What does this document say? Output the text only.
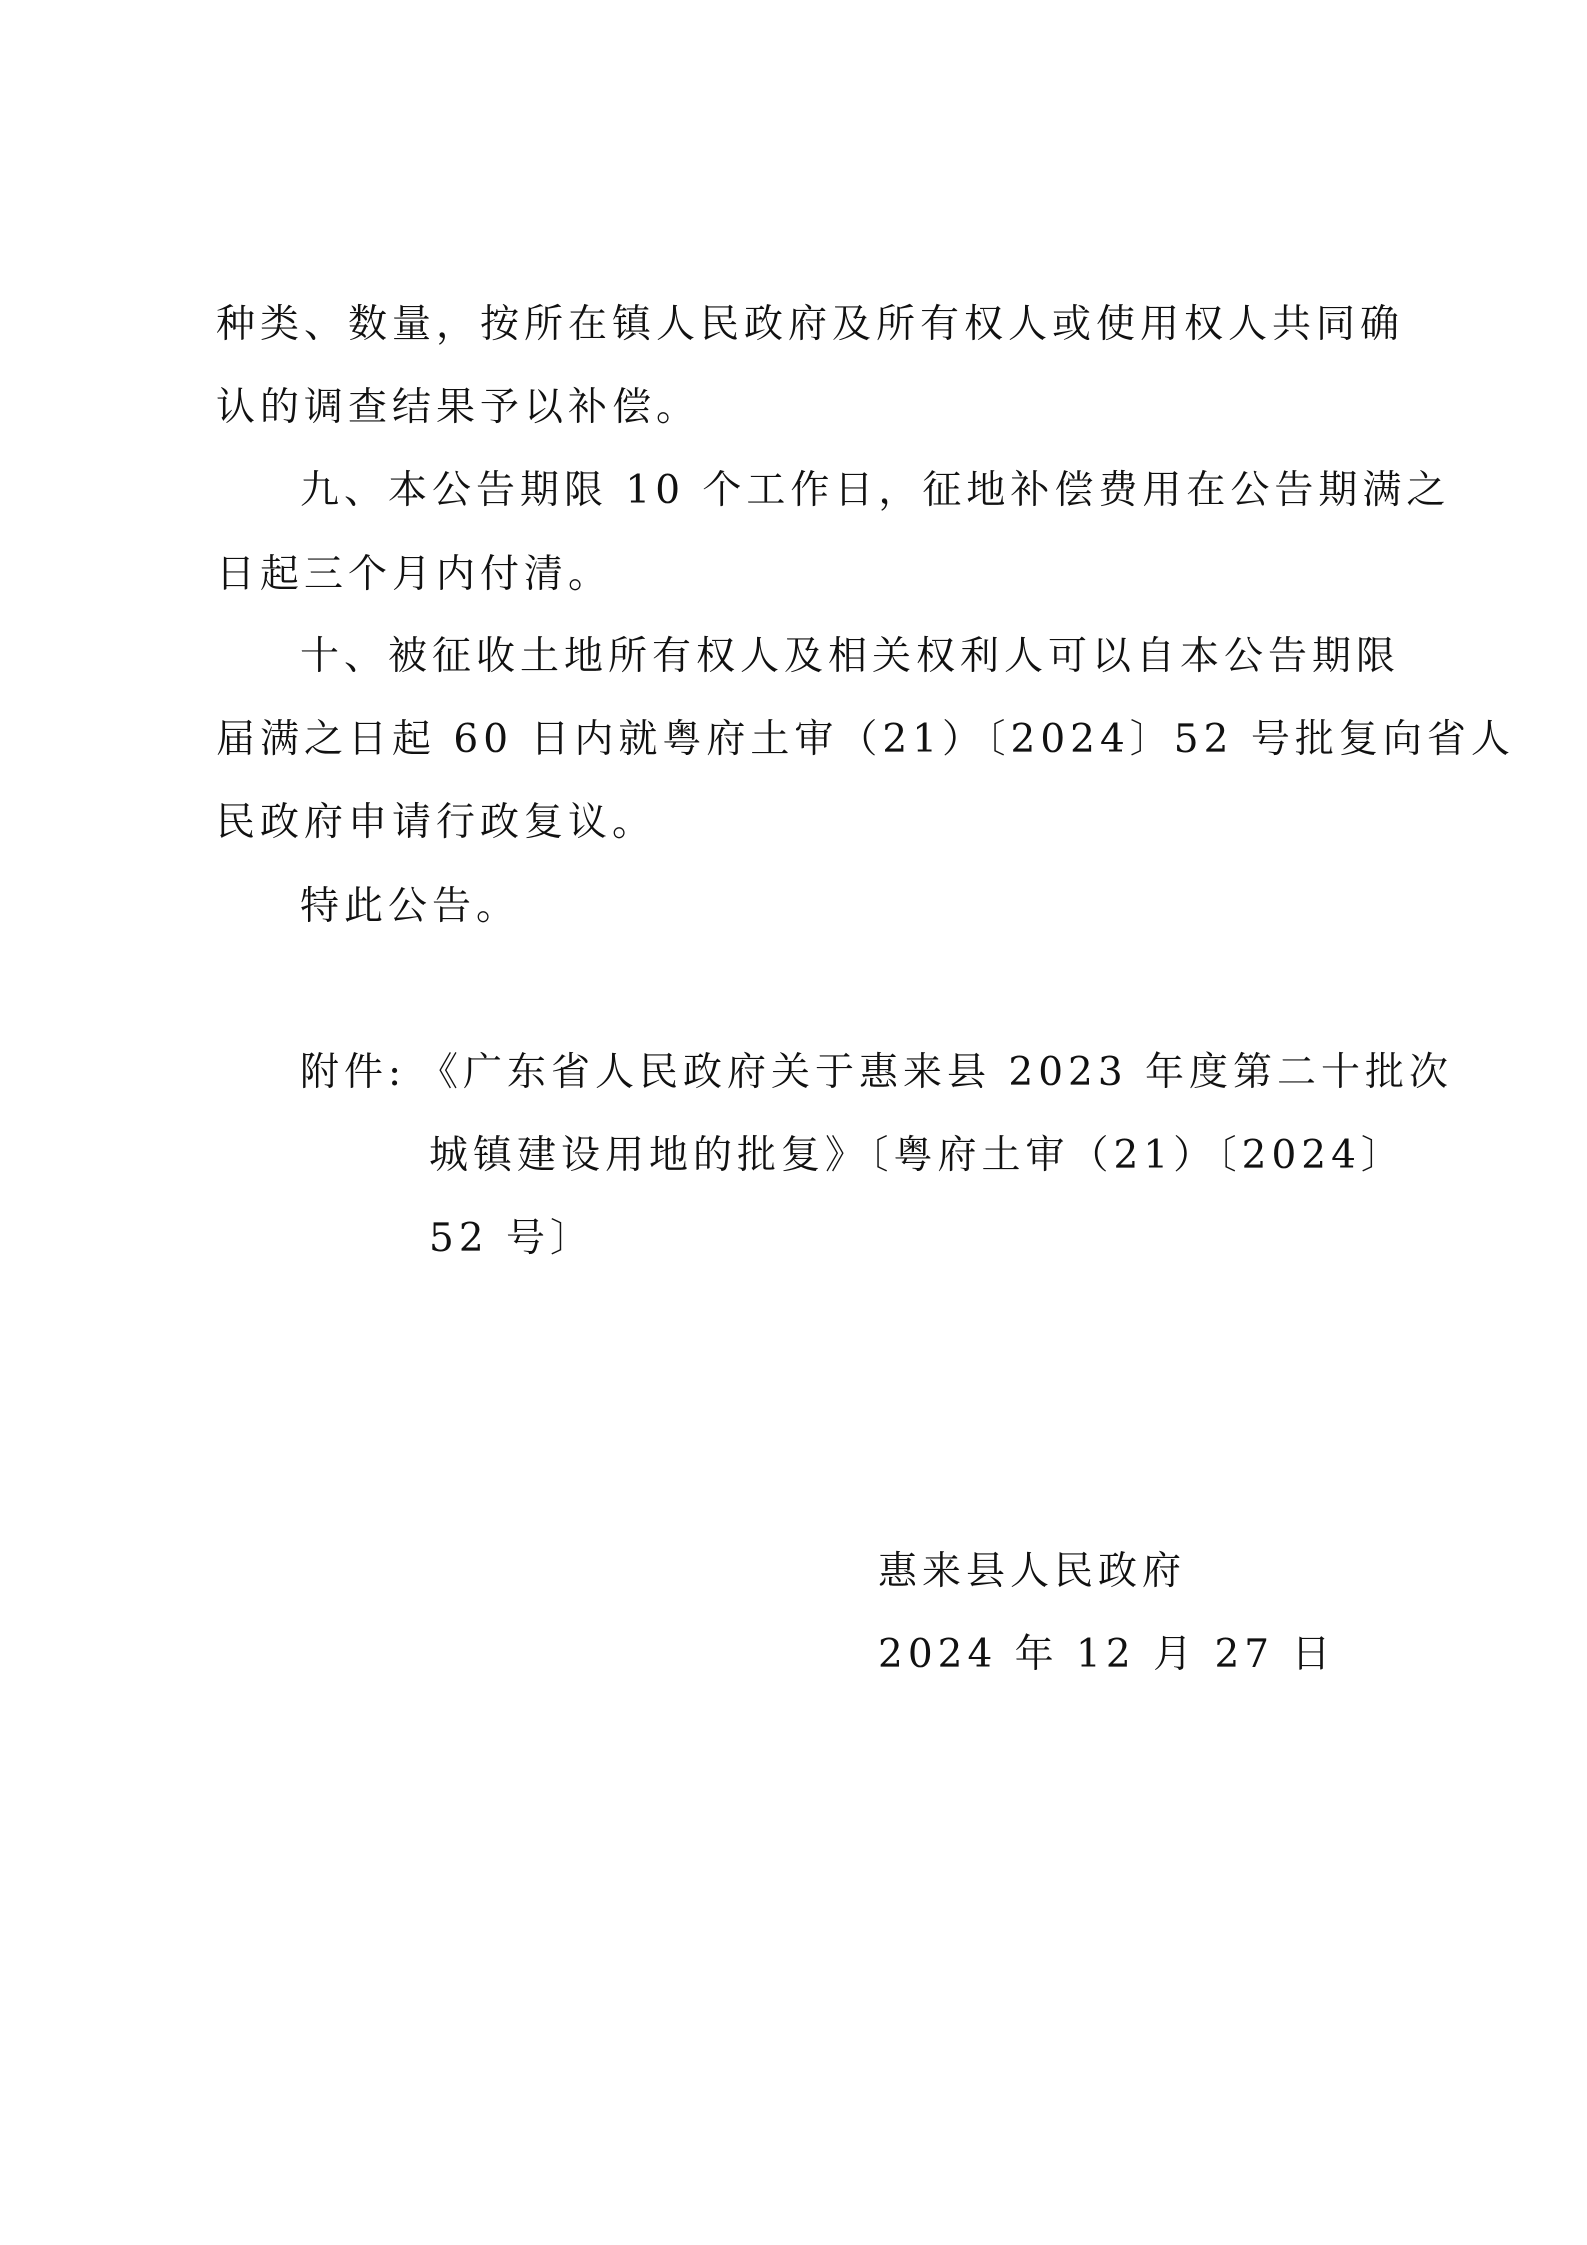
种类、数量，按所在镇人民政府及所有权人或使用权人共同确
认的调查结果予以补偿。
九、本公告期限 10 个工作日，征地补偿费用在公告期满之
日起三个月内付清。
十、被征收土地所有权人及相关权利人可以自本公告期限
届满之日起 60 日内就粤府土审（21）〔2024〕52 号批复向省人
民政府申请行政复议。
特此公告。
附件: 《广东省人民政府关于惠来县 2023 年度第二十批次
城镇建设用地的批复》〔粤府土审（21）〔2024〕
52 号〕
惠来县人民政府
2024 年 12 月 27 日
